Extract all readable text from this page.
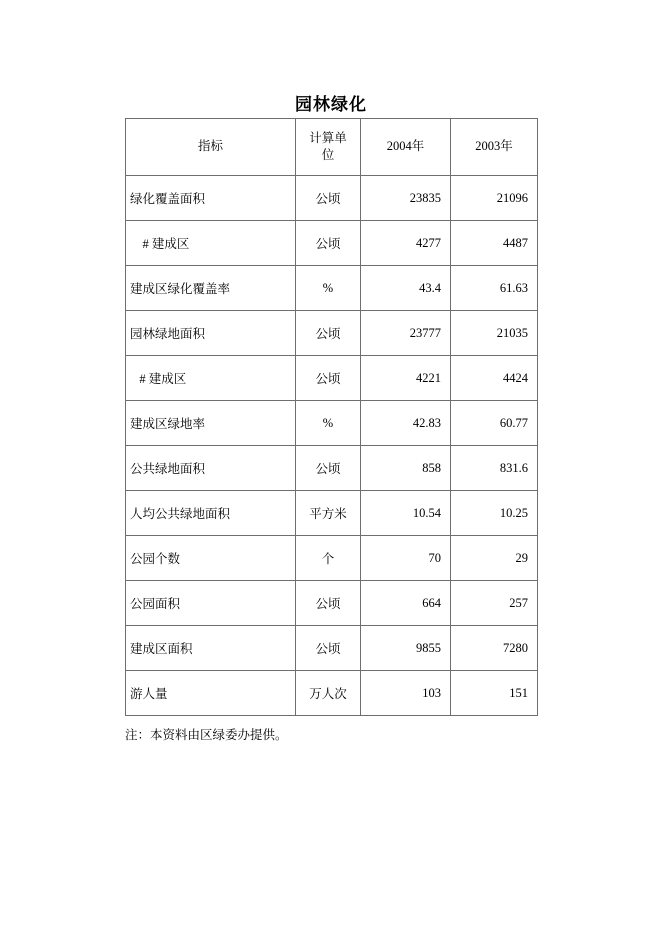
园林绿化
指标	计算单位	2004年	2003年
绿化覆盖面积	公顷	23835	21096
# 建成区	公顷	4277	4487
建成区绿化覆盖率	%	43.4	61.63
园林绿地面积	公顷	23777	21035
# 建成区	公顷	4221	4424
建成区绿地率	%	42.83	60.77
公共绿地面积	公顷	858	831.6
人均公共绿地面积	平方米	10.54	10.25
公园个数	个	70	29
公园面积	公顷	664	257
建成区面积	公顷	9855	7280
游人量	万人次	103	151
注：本资料由区绿委办提供。
